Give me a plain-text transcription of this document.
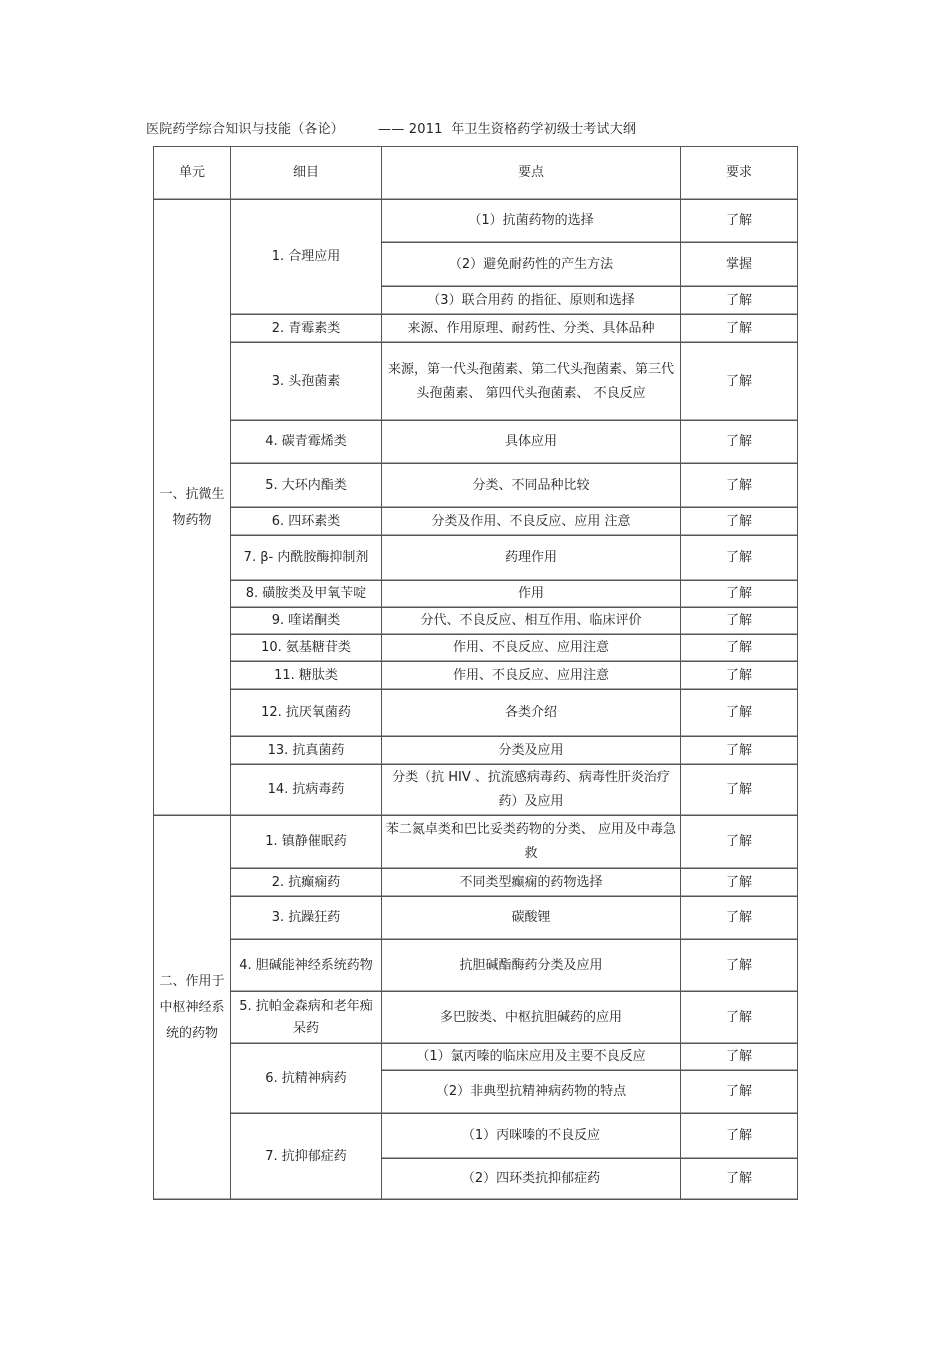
医院药学综合知识与技能（各论）	—— 2011  年卫生资格药学初级士考试大纲
单元	细目	要点	要求
一、抗微生物药物	1. 合理应用	（1）抗菌药物的选择	了解
		（2）避免耐药性的产生方法	掌握
		（3）联合用药 的指征、原则和选择	了解
	2. 青霉素类	来源、作用原理、耐药性、分类、具体品种	了解
	3. 头孢菌素	来源，第一代头孢菌素、第二代头孢菌素、第三代头孢菌素、 第四代头孢菌素、 不良反应	了解
	4. 碳青霉烯类	具体应用	了解
	5. 大环内酯类	分类、不同品种比较	了解
	6. 四环素类	分类及作用、不良反应、应用 注意	了解
	7. β- 内酰胺酶抑制剂	药理作用	了解
	8. 磺胺类及甲氧苄啶	作用	了解
	9. 喹诺酮类	分代、不良反应、相互作用、临床评价	了解
	10. 氨基糖苷类	作用、不良反应、应用注意	了解
	11. 糖肽类	作用、不良反应、应用注意	了解
	12. 抗厌氧菌药	各类介绍	了解
	13. 抗真菌药	分类及应用	了解
	14. 抗病毒药	分类（抗 HIV 、抗流感病毒药、病毒性肝炎治疗药）及应用	了解
二、作用于中枢神经系统的药物	1. 镇静催眠药	苯二氮卓类和巴比妥类药物的分类、 应用及中毒急救	了解
	2. 抗癫痫药	不同类型癫痫的药物选择	了解
	3. 抗躁狂药	碳酸锂	了解
	4. 胆碱能神经系统药物	抗胆碱酯酶药分类及应用	了解
	5. 抗帕金森病和老年痴呆药	多巴胺类、中枢抗胆碱药的应用	了解
	6. 抗精神病药	（1）氯丙嗪的临床应用及主要不良反应	了解
		（2）非典型抗精神病药物的特点	了解
	7. 抗抑郁症药	（1）丙咪嗪的不良反应	了解
		（2）四环类抗抑郁症药	了解
